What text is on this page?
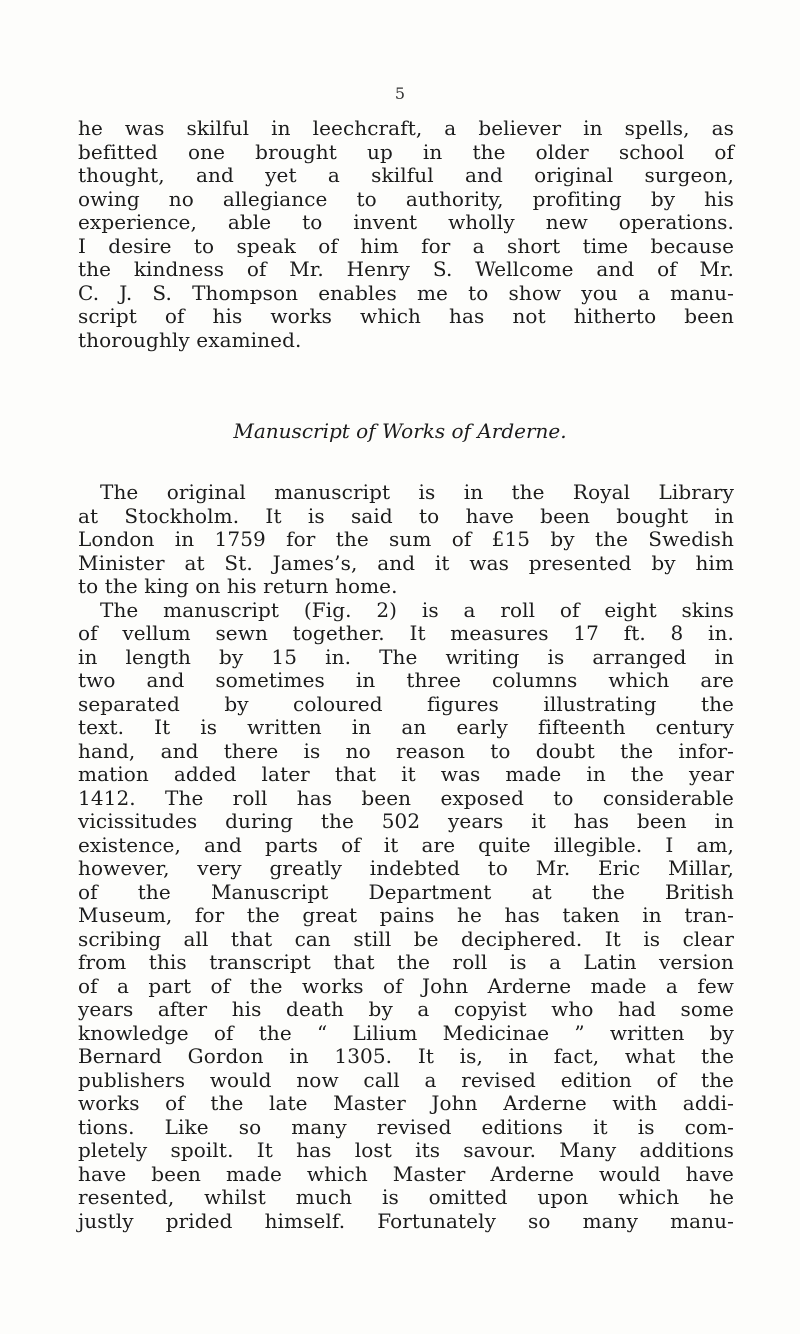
5
he was skilful in leechcraft, a believer in spells, as
befitted one brought up in the older school of
thought, and yet a skilful and original surgeon,
owing no allegiance to authority, profiting by his
experience, able to invent wholly new operations.
I desire to speak of him for a short time because
the kindness of Mr. Henry S. Wellcome and of Mr.
C. J. S. Thompson enables me to show you a manu-
script of his works which has not hitherto been
thoroughly examined.
Manuscript of Works of Arderne.
The original manuscript is in the Royal Library
at Stockholm. It is said to have been bought in
London in 1759 for the sum of £15 by the Swedish
Minister at St. James’s, and it was presented by him
to the king on his return home.
The manuscript (Fig. 2) is a roll of eight skins
of vellum sewn together. It measures 17 ft. 8 in.
in length by 15 in. The writing is arranged in
two and sometimes in three columns which are
separated by coloured figures illustrating the
text. It is written in an early fifteenth century
hand, and there is no reason to doubt the infor-
mation added later that it was made in the year
1412. The roll has been exposed to considerable
vicissitudes during the 502 years it has been in
existence, and parts of it are quite illegible. I am,
however, very greatly indebted to Mr. Eric Millar,
of the Manuscript Department at the British
Museum, for the great pains he has taken in tran-
scribing all that can still be deciphered. It is clear
from this transcript that the roll is a Latin version
of a part of the works of John Arderne made a few
years after his death by a copyist who had some
knowledge of the “ Lilium Medicinae ” written by
Bernard Gordon in 1305. It is, in fact, what the
publishers would now call a revised edition of the
works of the late Master John Arderne with addi-
tions. Like so many revised editions it is com-
pletely spoilt. It has lost its savour. Many additions
have been made which Master Arderne would have
resented, whilst much is omitted upon which he
justly prided himself. Fortunately so many manu-
